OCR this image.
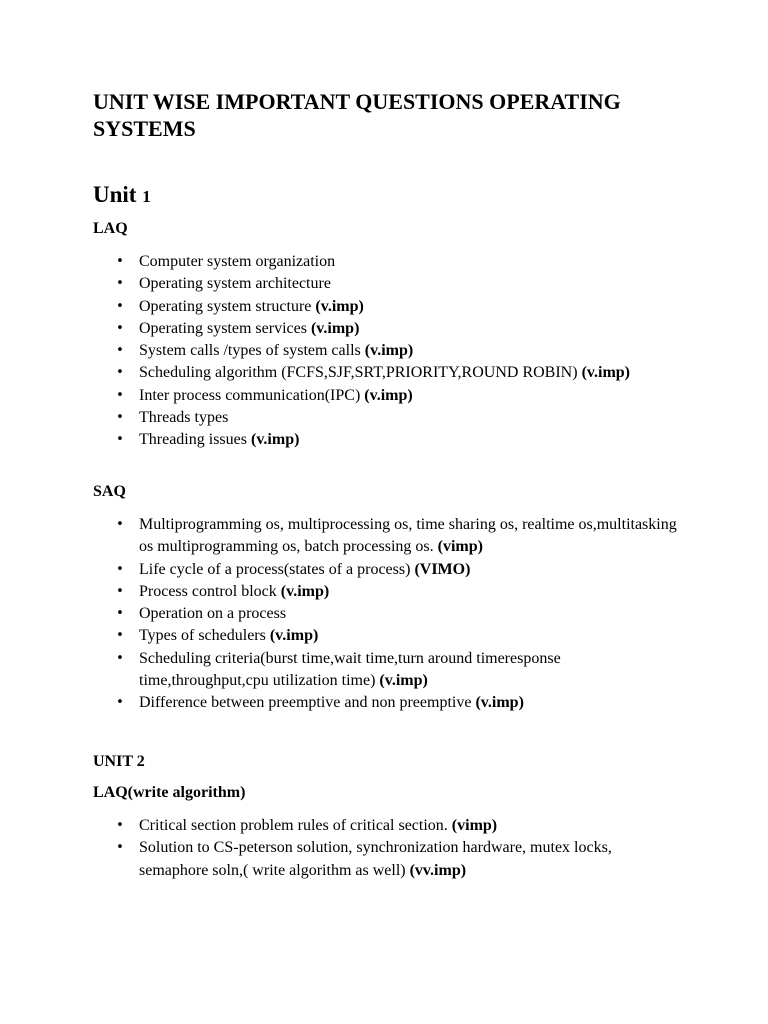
UNIT WISE IMPORTANT QUESTIONS OPERATING SYSTEMS
Unit 1
LAQ
• Computer system organization
• Operating system architecture
• Operating system structure (v.imp)
• Operating system services (v.imp)
• System calls /types of system calls (v.imp)
• Scheduling algorithm (FCFS,SJF,SRT,PRIORITY,ROUND ROBIN) (v.imp)
• Inter process communication(IPC) (v.imp)
• Threads types
• Threading issues (v.imp)
SAQ
• Multiprogramming os, multiprocessing os, time sharing os, realtime os,multitasking os multiprogramming os, batch processing os. (vimp)
• Life cycle of a process(states of a process) (VIMO)
• Process control block (v.imp)
• Operation on a process
• Types of schedulers (v.imp)
• Scheduling criteria(burst time,wait time,turn around timeresponse time,throughput,cpu utilization time) (v.imp)
• Difference between preemptive and non preemptive (v.imp)
UNIT 2
LAQ(write algorithm)
• Critical section problem rules of critical section. (vimp)
• Solution to CS-peterson solution, synchronization hardware, mutex locks, semaphore soln,( write algorithm as well) (vv.imp)
